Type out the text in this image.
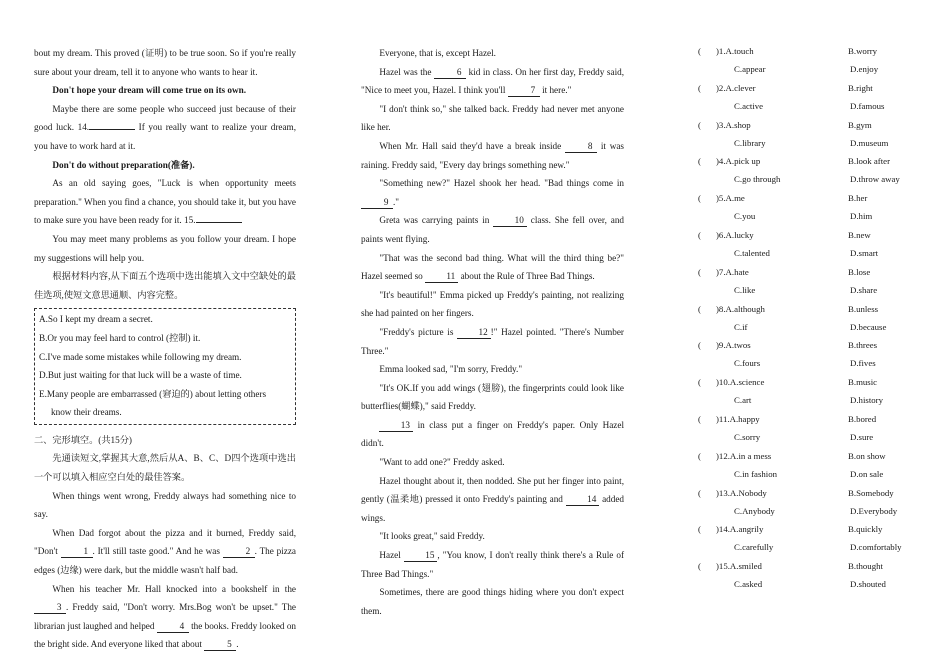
bout my dream. This proved (证明) to be true soon. So if you're really sure about your dream, tell it to anyone who wants to hear it.

Don't hope your dream will come true on its own.

Maybe there are some people who succeed just because of their good luck. 14.	If you really want to realize your dream, you have to work hard at it.

Don't do without preparation(准备).

As an old saying goes, "Luck is when opportunity meets preparation." When you find a chance, you should take it, but you have to make sure you have been ready for it. 15.

You may meet many problems as you follow your dream. I hope my suggestions will help you.

根据材料内容,从下面五个选项中选出能填入文中空缺处的最佳选项,使短文意思通顺、内容完整。

A.So I kept my dream a secret.

B.Or you may feel hard to control (控制) it.

C.I've made some mistakes while following my dream.

D.But just waiting for that luck will be a waste of time.

E.Many people are embarrassed (窘迫的) about letting others

know their dreams.

二、完形填空。(共15分)

先通读短文,掌握其大意,然后从A、B、C、D四个选项中选出一个可以填入相应空白处的最佳答案。

When things went wrong, Freddy always had something nice to say.

When Dad forgot about the pizza and it burned, Freddy said, "Don't	1 . It'll still taste good." And he was	2 . The pizza edges (边缘) were dark, but the middle wasn't half bad.

When his teacher Mr. Hall knocked into a bookshelf in the 3 . Freddy said, "Don't worry. Mrs.Bog won't be upset." The librarian just laughed and helped	4 the books. Freddy looked on the bright side. And everyone liked that about	5 .

Everyone, that is, except Hazel.

Hazel was the	6 kid in class. On her first day, Freddy said, "Nice to meet you, Hazel. I think you'll	7 it here."

"I don't think so," she talked back. Freddy had never met anyone like her.

When Mr. Hall said they'd have a break inside	8 it was raining. Freddy said, "Every day brings something new."

"Something new?" Hazel shook her head. "Bad things come in 9 ."

Greta was carrying paints in	10 class. She fell over, and paints went flying.

"That was the second bad thing. What will the third thing be?" Hazel seemed so	11 about the Rule of Three Bad Things.

"It's beautiful!" Emma picked up Freddy's painting, not realizing she had painted on her fingers.

"Freddy's picture is	12 !" Hazel pointed. "There's Number Three."

Emma looked sad, "I'm sorry, Freddy."

"It's OK.If you add wings (翅膀), the fingerprints could look like butterflies(蝴蝶)," said Freddy.

13 in class put a finger on Freddy's paper. Only Hazel didn't.

"Want to add one?" Freddy asked.

Hazel thought about it, then nodded. She put her finger into paint, gently (温柔地) pressed it onto Freddy's painting and	14 added wings.

"It looks great," said Freddy.

Hazel	15 , "You know, I don't really think there's a Rule of Three Bad Things."

Sometimes, there are good things hiding where you don't expect them.

( )1.A.touch	B.worry
C.appear	D.enjoy
( )2.A.clever	B.right
C.active	D.famous
( )3.A.shop	B.gym
C.library	D.museum
( )4.A.pick up	B.look after
C.go through	D.throw away
( )5.A.me	B.her
C.you	D.him
( )6.A.lucky	B.new
C.talented	D.smart
( )7.A.hate	B.lose
C.like	D.share
( )8.A.although	B.unless
C.if	D.because
( )9.A.twos	B.threes
C.fours	D.fives
( )10.A.science	B.music
C.art	D.history
( )11.A.happy	B.bored
C.sorry	D.sure
( )12.A.in a mess	B.on show
C.in fashion	D.on sale
( )13.A.Nobody	B.Somebody
C.Anybody	D.Everybody
( )14.A.angrily	B.quickly
C.carefully	D.comfortably
( )15.A.smiled	B.thought
C.asked	D.shouted
